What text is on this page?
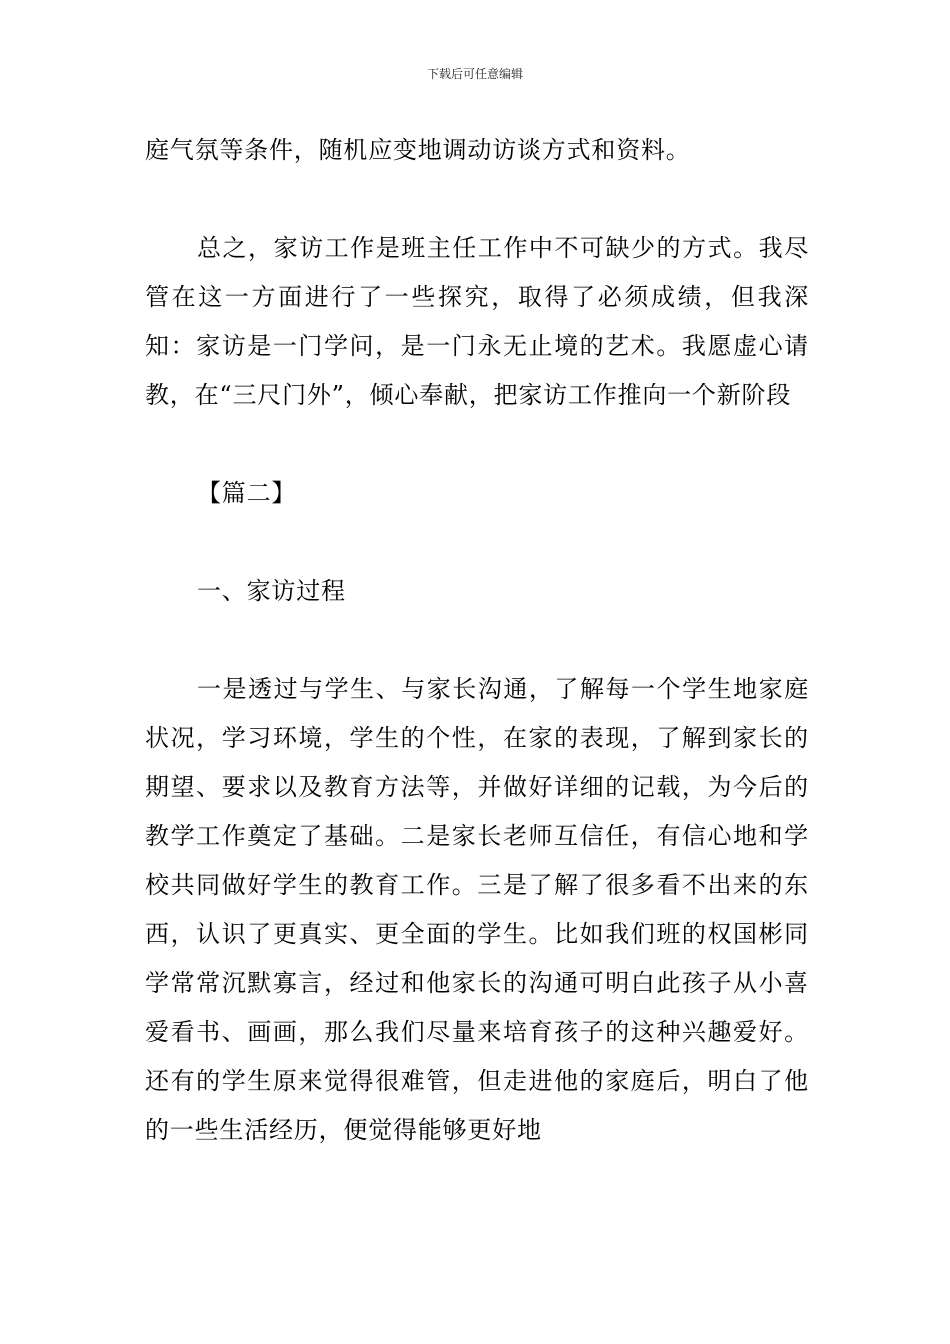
下载后可任意编辑

庭气氛等条件，随机应变地调动访谈方式和资料。

总之，家访工作是班主任工作中不可缺少的方式。我尽管在这一方面进行了一些探究，取得了必须成绩，但我深知：家访是一门学问，是一门永无止境的艺术。我愿虚心请教，在“三尺门外”，倾心奉献，把家访工作推向一个新阶段

【篇二】

一、家访过程

一是透过与学生、与家长沟通，了解每一个学生地家庭状况，学习环境，学生的个性，在家的表现，了解到家长的期望、要求以及教育方法等，并做好详细的记载，为今后的教学工作奠定了基础。二是家长老师互信任，有信心地和学校共同做好学生的教育工作。三是了解了很多看不出来的东西，认识了更真实、更全面的学生。比如我们班的权国彬同学常常沉默寡言，经过和他家长的沟通可明白此孩子从小喜爱看书、画画，那么我们尽量来培育孩子的这种兴趣爱好。还有的学生原来觉得很难管，但走进他的家庭后，明白了他的一些生活经历，便觉得能够更好地
